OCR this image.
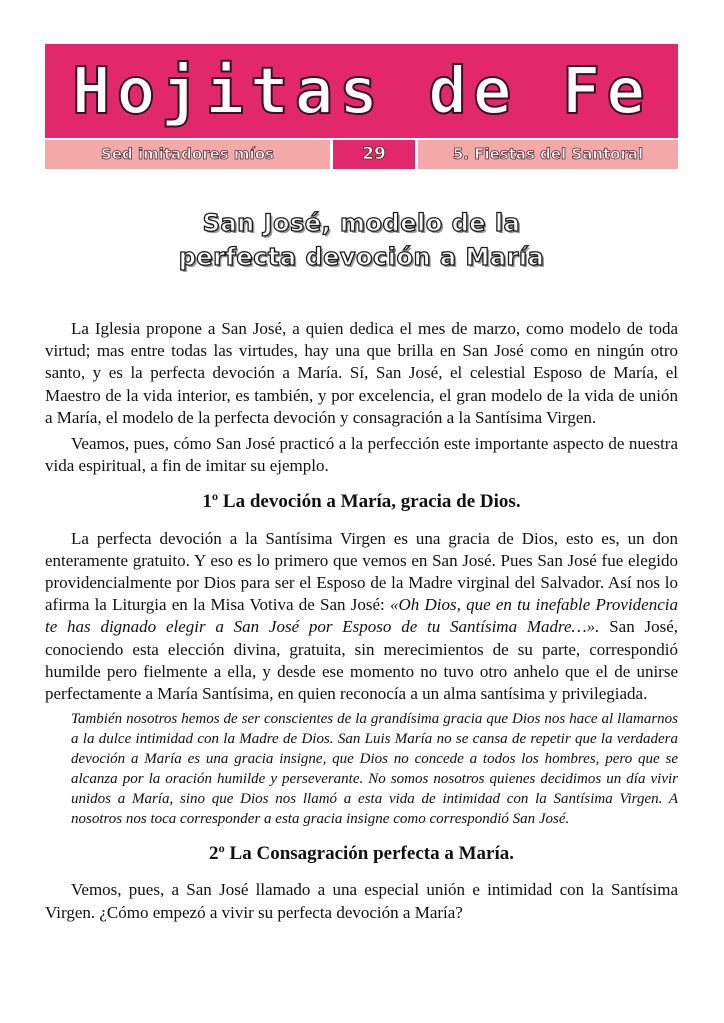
Hojitas de Fe
Sed imitadores míos	29	5. Fiestas del Santoral
San José, modelo de la
perfecta devoción a María

La Iglesia propone a San José, a quien dedica el mes de marzo, como modelo de toda virtud; mas entre todas las virtudes, hay una que brilla en San José como en ningún otro santo, y es la perfecta devoción a María. Sí, San José, el celestial Esposo de María, el Maestro de la vida interior, es también, y por excelencia, el gran modelo de la vida de unión a María, el modelo de la perfecta devoción y consagración a la Santísima Virgen.

Veamos, pues, cómo San José practicó a la perfección este importante aspecto de nuestra vida espiritual, a fin de imitar su ejemplo.

1º La devoción a María, gracia de Dios.

La perfecta devoción a la Santísima Virgen es una gracia de Dios, esto es, un don enteramente gratuito. Y eso es lo primero que vemos en San José. Pues San José fue elegido providencialmente por Dios para ser el Esposo de la Madre virginal del Salvador. Así nos lo afirma la Liturgia en la Misa Votiva de San José: «Oh Dios, que en tu inefable Providencia te has dignado elegir a San José por Esposo de tu Santísima Madre…». San José, conociendo esta elección divina, gratuita, sin merecimientos de su parte, correspondió humilde pero fielmente a ella, y desde ese momento no tuvo otro anhelo que el de unirse perfectamente a María Santísima, en quien reconocía a un alma santísima y privilegiada.

También nosotros hemos de ser conscientes de la grandísima gracia que Dios nos hace al llamarnos a la dulce intimidad con la Madre de Dios. San Luis María no se cansa de repetir que la verdadera devoción a María es una gracia insigne, que Dios no concede a todos los hombres, pero que se alcanza por la oración humilde y perseverante. No somos nosotros quienes decidimos un día vivir unidos a María, sino que Dios nos llamó a esta vida de intimidad con la Santísima Virgen. A nosotros nos toca corresponder a esta gracia insigne como correspondió San José.

2º La Consagración perfecta a María.

Vemos, pues, a San José llamado a una especial unión e intimidad con la Santísima Virgen. ¿Cómo empezó a vivir su perfecta devoción a María?
